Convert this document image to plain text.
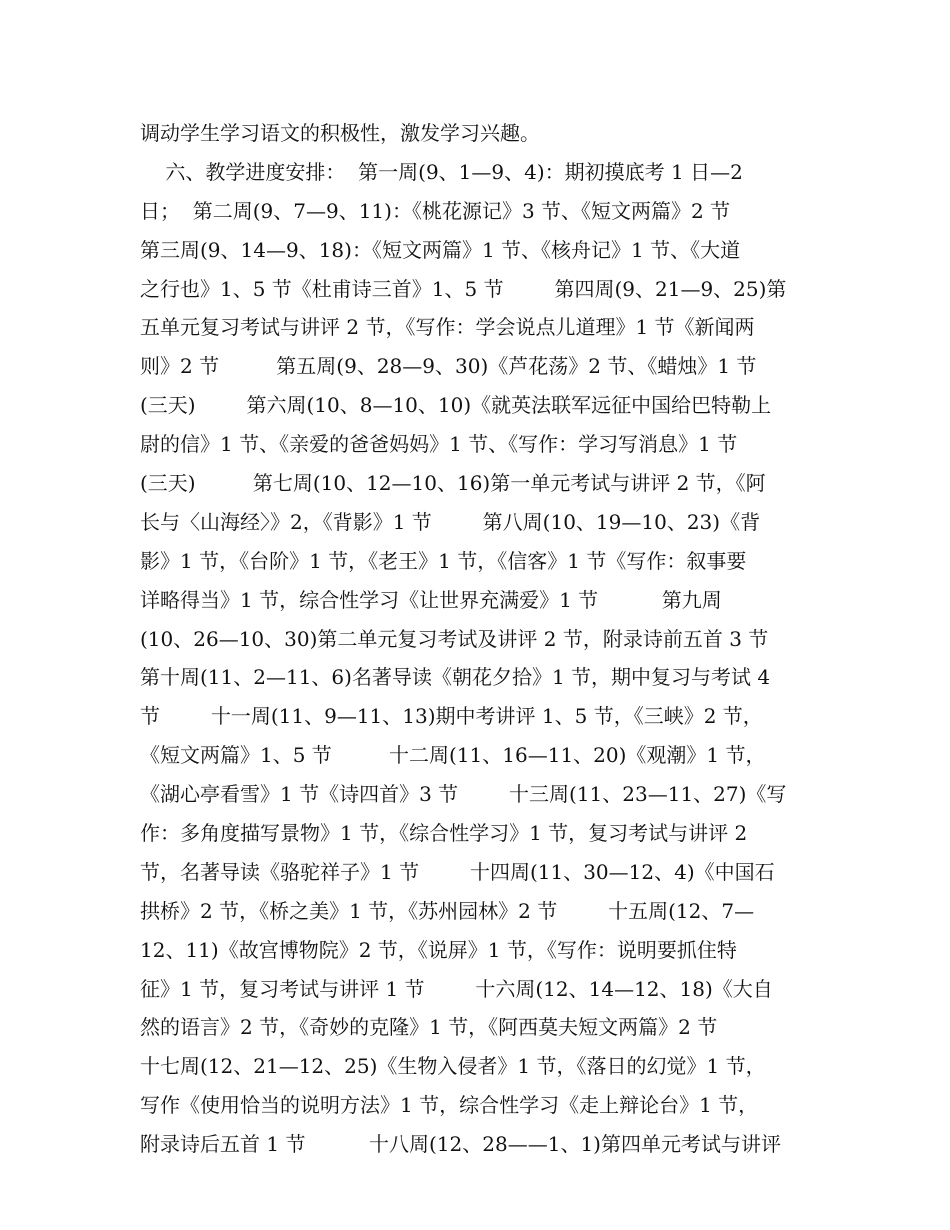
调动学生学习语文的积极性，激发学习兴趣。
六、教学进度安排：  第一周(9、1—9、4)：期初摸底考 1 日—2
日；  第二周(9、7—9、11)：《桃花源记》3 节、《短文两篇》2 节
第三周(9、14—9、18)：《短文两篇》1 节、《核舟记》1 节、《大道
之行也》1、5 节《杜甫诗三首》1、5 节        第四周(9、21—9、25)第
五单元复习考试与讲评 2 节，《写作：学会说点儿道理》1 节《新闻两
则》2 节         第五周(9、28—9、30)《芦花荡》2 节、《蜡烛》1 节
(三天)        第六周(10、8—10、10)《就英法联军远征中国给巴特勒上
尉的信》1 节、《亲爱的爸爸妈妈》1 节、《写作：学习写消息》1 节
(三天)         第七周(10、12—10、16)第一单元考试与讲评 2 节，《阿
长与〈山海经〉》2，《背影》1 节        第八周(10、19—10、23)《背
影》1 节，《台阶》1 节，《老王》1 节，《信客》1 节《写作：叙事要
详略得当》1 节，综合性学习《让世界充满爱》1 节          第九周
(10、26—10、30)第二单元复习考试及讲评 2 节，附录诗前五首 3 节
第十周(11、2—11、6)名著导读《朝花夕拾》1 节，期中复习与考试 4
节        十一周(11、9—11、13)期中考讲评 1、5 节，《三峡》2 节，
《短文两篇》1、5 节         十二周(11、16—11、20)《观潮》1 节，
《湖心亭看雪》1 节《诗四首》3 节        十三周(11、23—11、27)《写
作：多角度描写景物》1 节，《综合性学习》1 节，复习考试与讲评 2
节，名著导读《骆驼祥子》1 节        十四周(11、30—12、4)《中国石
拱桥》2 节，《桥之美》1 节，《苏州园林》2 节        十五周(12、7—
12、11)《故宫博物院》2 节，《说屏》1 节，《写作：说明要抓住特
征》1 节，复习考试与讲评 1 节        十六周(12、14—12、18)《大自
然的语言》2 节，《奇妙的克隆》1 节，《阿西莫夫短文两篇》2 节
十七周(12、21—12、25)《生物入侵者》1 节，《落日的幻觉》1 节，
写作《使用恰当的说明方法》1 节，综合性学习《走上辩论台》1 节，
附录诗后五首 1 节          十八周(12、28——1、1)第四单元考试与讲评
